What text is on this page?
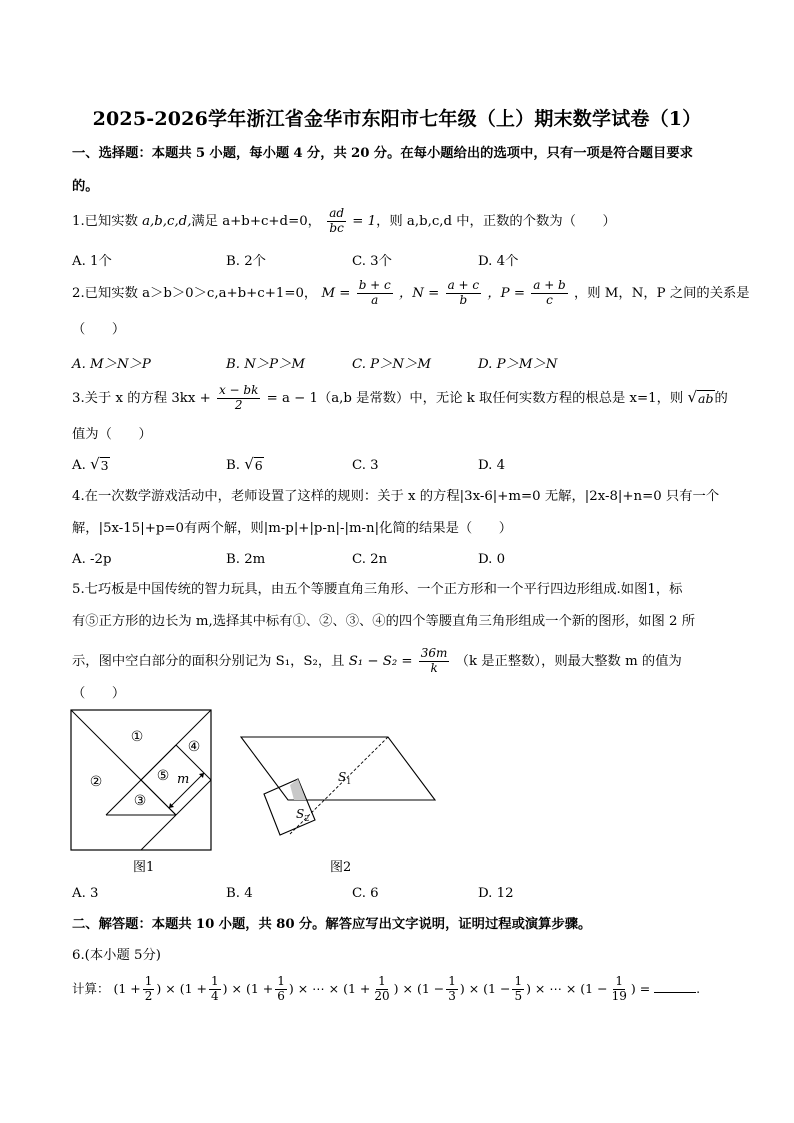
2025-2026学年浙江省金华市东阳市七年级（上）期末数学试卷（1）
一、选择题：本题共 5 小题，每小题 4 分，共 20 分。在每小题给出的选项中，只有一项是符合题目要求
的。
1.已知实数 a,b,c,d,满足 a+b+c+d=0， $\frac{ad}{bc} = 1$，则 a,b,c,d 中，正数的个数为（　　）
A. 1个	B. 2个	C. 3个	D. 4个
2.已知实数 a＞b＞0＞c,a+b+c+1=0， $M = \frac{b + c}{a}$ ，$N = \frac{a + c}{b}$ ，$P = \frac{a + b}{c}$ ，则 M，N，P 之间的关系是
（　　）
A. M＞N＞P	B. N＞P＞M	C. P＞N＞M	D. P＞M＞N
3.关于 x 的方程 $3kx + \frac{x - bk}{2} = a - 1(a,b$ 是常数）中，无论 k 取任何实数方程的根总是 x=1，则 √ ab 的
值为（　　）
A. √ 3	B. √ 6	C. 3	D. 4
4.在一次数学游戏活动中，老师设置了这样的规则：关于 x 的方程|3x-6|+m=0 无解，|2x-8|+n=0 只有一个
解，|5x-15|+p=0有两个解，则|m-p|+|p-n|-|m-n|化简的结果是（　　）
A. -2p	B. 2m	C. 2n	D. 0
5.七巧板是中国传统的智力玩具，由五个等腰直角三角形、一个正方形和一个平行四边形组成.如图1，标
有⑤正方形的边长为 m,选择其中标有①、②、③、④的四个等腰直角三角形组成一个新的图形，如图 2 所
示，图中空白部分的面积分别记为 S₁，S₂，且 $S_1 - S_2 = \frac{36m}{k} (k$ 是正整数），则最大整数 m 的值为
（　　）
①
②
③
④
⑤ m
图1
$S_1$
$S_2$
图2
A. 3	B. 4	C. 6	D. 12
二、解答题：本题共 10 小题，共 80 分。解答应写出文字说明，证明过程或演算步骤。
6.(本小题 5分)
计算： ($1 + \frac{1}{2}$ ) × ($1 + \frac{1}{4}$ ) × ($1 + \frac{1}{6}$ ) × ⋯ × ($1 + \frac{1}{20}$ ) × ($1 - \frac{1}{3}$ ) × ($1 - \frac{1}{5}$ ) × ⋯ × ($1 - \frac{1}{19}$ ) =	.
